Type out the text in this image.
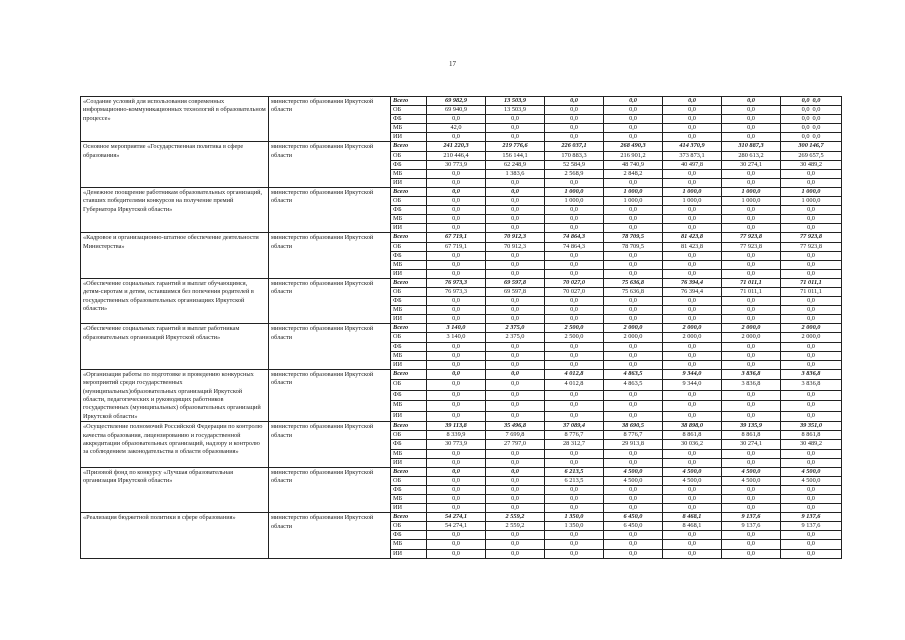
17
«Создание условий для использования современных информационно-коммуникационных технологий в образовательном процессе»	министерство образования Иркутской области	Всего	69 982,9	13 503,9	0,0	0,0	0,0	0,0	0,0 0,0
		ОБ	69 940,9	13 503,9	0,0	0,0	0,0	0,0	0,0 0,0
		ФБ	0,0	0,0	0,0	0,0	0,0	0,0	0,0 0,0
		МБ	42,0	0,0	0,0	0,0	0,0	0,0	0,0 0,0
		ИИ	0,0	0,0	0,0	0,0	0,0	0,0	0,0 0,0
Основное мероприятие «Государственная политика в сфере образования»	министерство образования Иркутской области	Всего	241 220,3	219 776,6	226 037,1	268 490,3	414 370,9	310 887,3	300 146,7
		ОБ	210 446,4	156 144,1	170 883,3	216 901,2	373 873,1	280 613,2	269 657,5
		ФБ	30 773,9	62 248,9	52 584,9	48 740,9	40 497,8	30 274,1	30 489,2
		МБ	0,0	1 383,6	2 568,9	2 848,2	0,0	0,0	0,0
		ИИ	0,0	0,0	0,0	0,0	0,0	0,0	0,0
«Денежное поощрение работникам образовательных организаций, ставших победителями конкурсов на получение премий Губернатора Иркутской области»	министерство образования Иркутской области	Всего	0,0	0,0	1 000,0	1 000,0	1 000,0	1 000,0	1 000,0
		ОБ	0,0	0,0	1 000,0	1 000,0	1 000,0	1 000,0	1 000,0
		ФБ	0,0	0,0	0,0	0,0	0,0	0,0	0,0
		МБ	0,0	0,0	0,0	0,0	0,0	0,0	0,0
		ИИ	0,0	0,0	0,0	0,0	0,0	0,0	0,0
«Кадровое и организационно-штатное обеспечение деятельности Министерства»	министерство образования Иркутской области	Всего	67 719,1	70 912,3	74 864,3	78 709,5	81 423,8	77 923,8	77 923,8
		ОБ	67 719,1	70 912,3	74 864,3	78 709,5	81 423,8	77 923,8	77 923,8
		ФБ	0,0	0,0	0,0	0,0	0,0	0,0	0,0
		МБ	0,0	0,0	0,0	0,0	0,0	0,0	0,0
		ИИ	0,0	0,0	0,0	0,0	0,0	0,0	0,0
«Обеспечение социальных гарантий и выплат обучающимся, детям-сиротам и детям, оставшимся без попечения родителей в государственных образовательных организациях Иркутской области»	министерство образования Иркутской области	Всего	76 973,3	69 597,8	70 027,0	75 636,8	76 394,4	71 011,1	71 011,1
		ОБ	76 973,3	69 597,8	70 027,0	75 636,8	76 394,4	71 011,1	71 011,1
		ФБ	0,0	0,0	0,0	0,0	0,0	0,0	0,0
		МБ	0,0	0,0	0,0	0,0	0,0	0,0	0,0
		ИИ	0,0	0,0	0,0	0,0	0,0	0,0	0,0
«Обеспечение социальных гарантий и выплат работникам образовательных организаций Иркутской области»	министерство образования Иркутской области	Всего	3 140,0	2 375,0	2 500,0	2 000,0	2 000,0	2 000,0	2 000,0
		ОБ	3 140,0	2 375,0	2 500,0	2 000,0	2 000,0	2 000,0	2 000,0
		ФБ	0,0	0,0	0,0	0,0	0,0	0,0	0,0
		МБ	0,0	0,0	0,0	0,0	0,0	0,0	0,0
		ИИ	0,0	0,0	0,0	0,0	0,0	0,0	0,0
«Организация работы по подготовке и проведению конкурсных мероприятий среди государственных (муниципальных)образовательных организаций Иркутской области, педагогических и руководящих работников государственных (муниципальных) образовательных организаций Иркутской области»	министерство образования Иркутской области	Всего	0,0	0,0	4 012,8	4 863,5	9 344,0	3 836,8	3 836,8
		ОБ	0,0	0,0	4 012,8	4 863,5	9 344,0	3 836,8	3 836,8
		ФБ	0,0	0,0	0,0	0,0	0,0	0,0	0,0
		МБ	0,0	0,0	0,0	0,0	0,0	0,0	0,0
		ИИ	0,0	0,0	0,0	0,0	0,0	0,0	0,0
«Осуществление полномочий Российской Федерации по контролю качества образования, лицензированию и государственной аккредитации образовательных организаций, надзору и контролю за соблюдением законодательства в области образования»	министерство образования Иркутской области	Всего	39 113,8	35 496,8	37 089,4	38 690,5	38 898,0	39 135,9	39 351,0
		ОБ	8 339,9	7 699,8	8 776,7	8 776,7	8 861,8	8 861,8	8 861,8
		ФБ	30 773,9	27 797,0	28 312,7	29 913,8	30 036,2	30 274,1	30 489,2
		МБ	0,0	0,0	0,0	0,0	0,0	0,0	0,0
		ИИ	0,0	0,0	0,0	0,0	0,0	0,0	0,0
«Призовой фонд по конкурсу «Лучшая образовательная организация Иркутской области»	министерство образования Иркутской области	Всего	0,0	0,0	6 213,5	4 500,0	4 500,0	4 500,0	4 500,0
		ОБ	0,0	0,0	6 213,5	4 500,0	4 500,0	4 500,0	4 500,0
		ФБ	0,0	0,0	0,0	0,0	0,0	0,0	0,0
		МБ	0,0	0,0	0,0	0,0	0,0	0,0	0,0
		ИИ	0,0	0,0	0,0	0,0	0,0	0,0	0,0
«Реализация бюджетной политики в сфере образования»	министерство образования Иркутской области	Всего	54 274,1	2 559,2	1 350,0	6 450,0	8 468,1	9 137,6	9 137,6
		ОБ	54 274,1	2 559,2	1 350,0	6 450,0	8 468,1	9 137,6	9 137,6
		ФБ	0,0	0,0	0,0	0,0	0,0	0,0	0,0
		МБ	0,0	0,0	0,0	0,0	0,0	0,0	0,0
		ИИ	0,0	0,0	0,0	0,0	0,0	0,0	0,0
